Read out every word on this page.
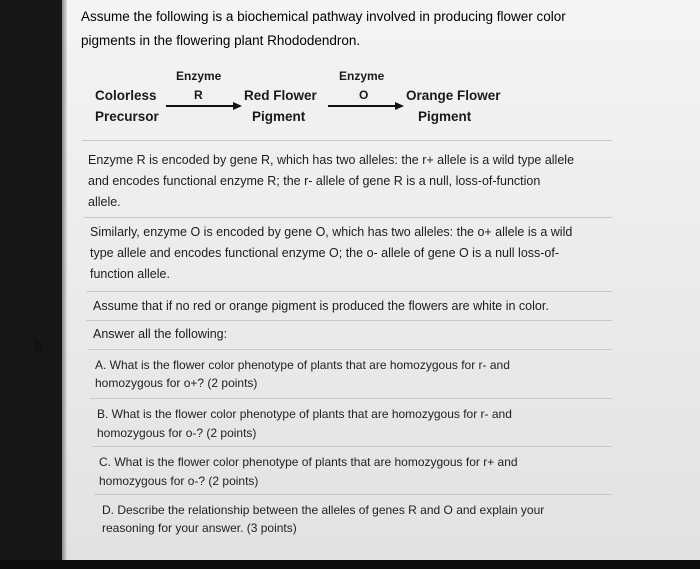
Assume the following is a biochemical pathway involved in producing flower color

pigments in the flowering plant Rhododendron.

Colorless
Precursor
Enzyme
R	Red Flower
Pigment
Enzyme
O	Orange Flower
Pigment

Enzyme R is encoded by gene R, which has two alleles: the r+ allele is a wild type allele

and encodes functional enzyme R; the r- allele of gene R is a null, loss-of-function

allele.

Similarly, enzyme O is encoded by gene O, which has two alleles: the o+ allele is a wild

type allele and encodes functional enzyme O; the o- allele of gene O is a null loss-of-

function allele.

Assume that if no red or orange pigment is produced the flowers are white in color.

Answer all the following:

A. What is the flower color phenotype of plants that are homozygous for r- and

homozygous for o+? (2 points)

B. What is the flower color phenotype of plants that are homozygous for r- and

homozygous for o-? (2 points)

C. What is the flower color phenotype of plants that are homozygous for r+ and

homozygous for o-? (2 points)

D. Describe the relationship between the alleles of genes R and O and explain your

reasoning for your answer. (3 points)
